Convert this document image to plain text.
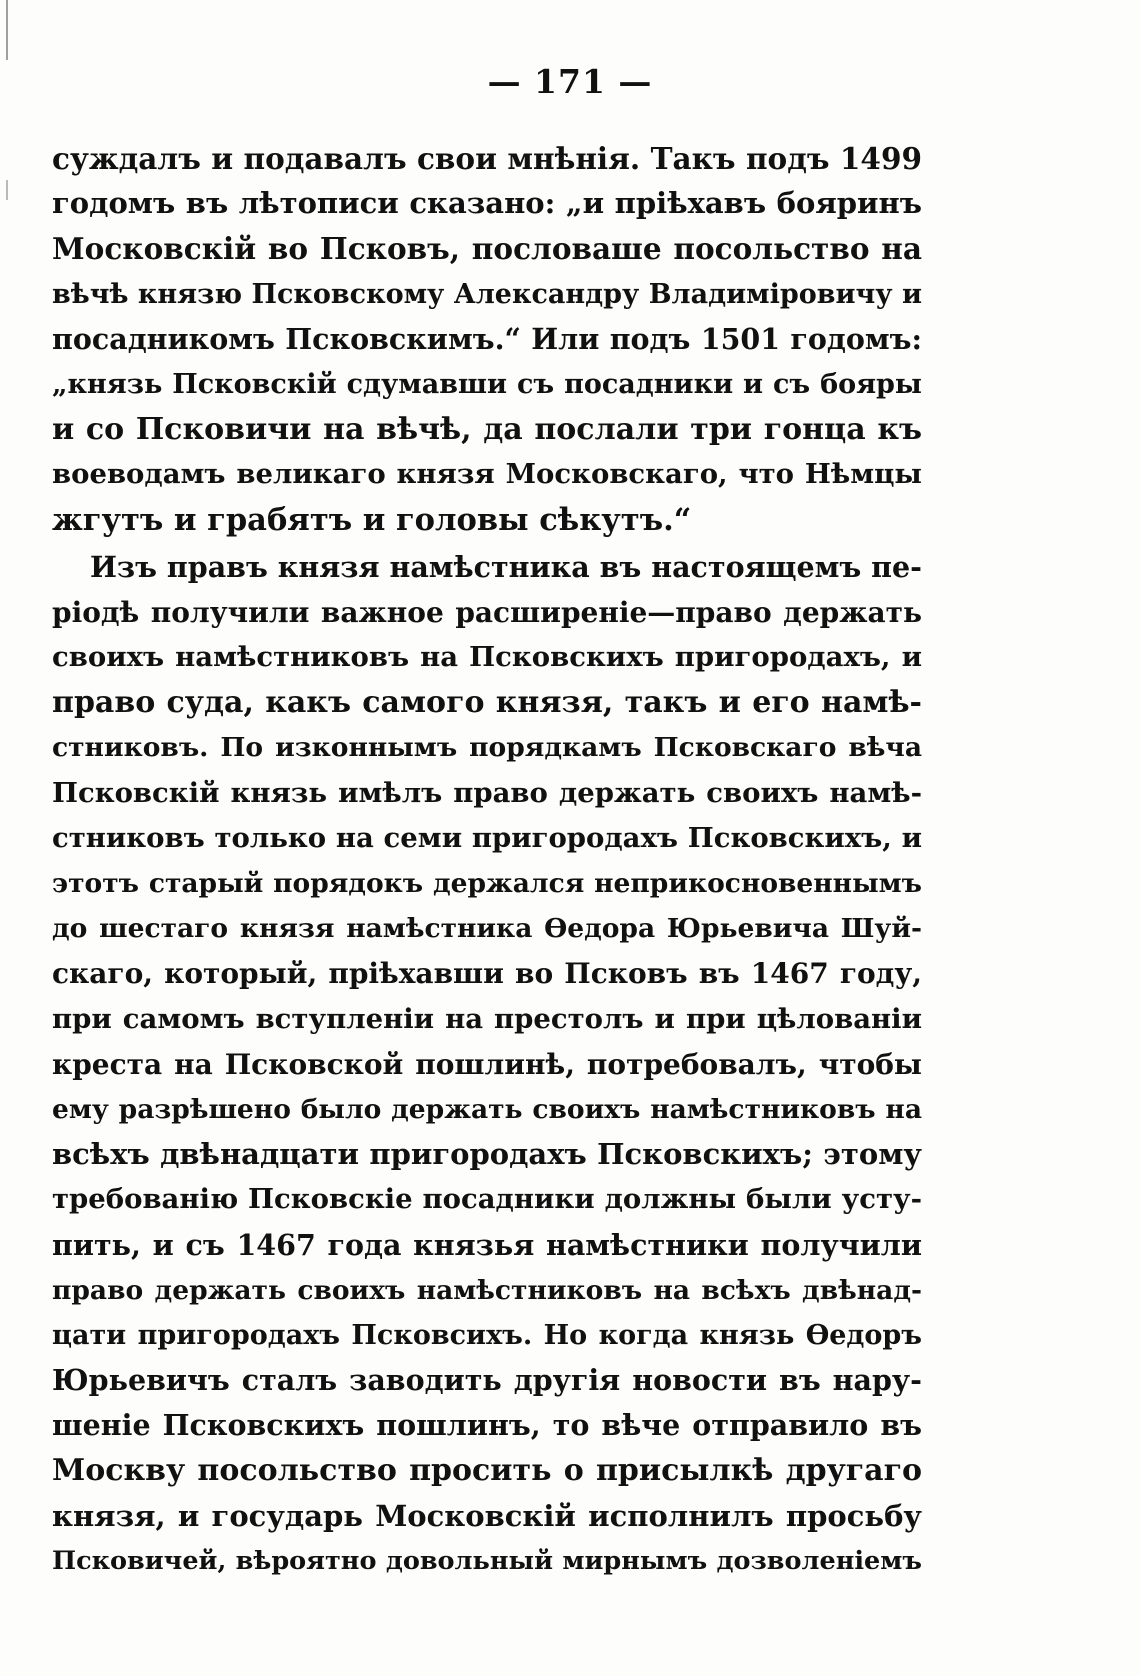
— 171 —
суждалъ и подавалъ свои мнѣнія. Такъ подъ 1499
годомъ въ лѣтописи сказано: „и пріѣхавъ бояринъ
Московскій во Псковъ, пословаше посольство на
вѣчѣ князю Псковскому Александру Владиміровичу и
посадникомъ Псковскимъ.“ Или подъ 1501 годомъ:
„князь Псковскій сдумавши съ посадники и съ бояры
и со Псковичи на вѣчѣ, да послали три гонца къ
воеводамъ великаго князя Московскаго, что Нѣмцы
жгутъ и грабятъ и головы сѣкутъ.“
Изъ правъ князя намѣстника въ настоящемъ пе-
ріодѣ получили важное расширеніе—право держать
своихъ намѣстниковъ на Псковскихъ пригородахъ, и
право суда, какъ самого князя, такъ и его намѣ-
стниковъ. По изконнымъ порядкамъ Псковскаго вѣча
Псковскій князь имѣлъ право держать своихъ намѣ-
стниковъ только на семи пригородахъ Псковскихъ, и
этотъ старый порядокъ держался неприкосновеннымъ
до шестаго князя намѣстника Өедора Юрьевича Шуй-
скаго, который, пріѣхавши во Псковъ въ 1467 году,
при самомъ вступленіи на престолъ и при цѣлованіи
креста на Псковской пошлинѣ, потребовалъ, чтобы
ему разрѣшено было держать своихъ намѣстниковъ на
всѣхъ двѣнадцати пригородахъ Псковскихъ; этому
требованію Псковскіе посадники должны были усту-
пить, и съ 1467 года князья намѣстники получили
право держать своихъ намѣстниковъ на всѣхъ двѣнад-
цати пригородахъ Псковсихъ. Но когда князь Өедоръ
Юрьевичъ сталъ заводить другія новости въ нару-
шеніе Псковскихъ пошлинъ, то вѣче отправило въ
Москву посольство просить о присылкѣ другаго
князя, и государь Московскій исполнилъ просьбу
Псковичей, вѣроятно довольный мирнымъ дозволеніемъ
